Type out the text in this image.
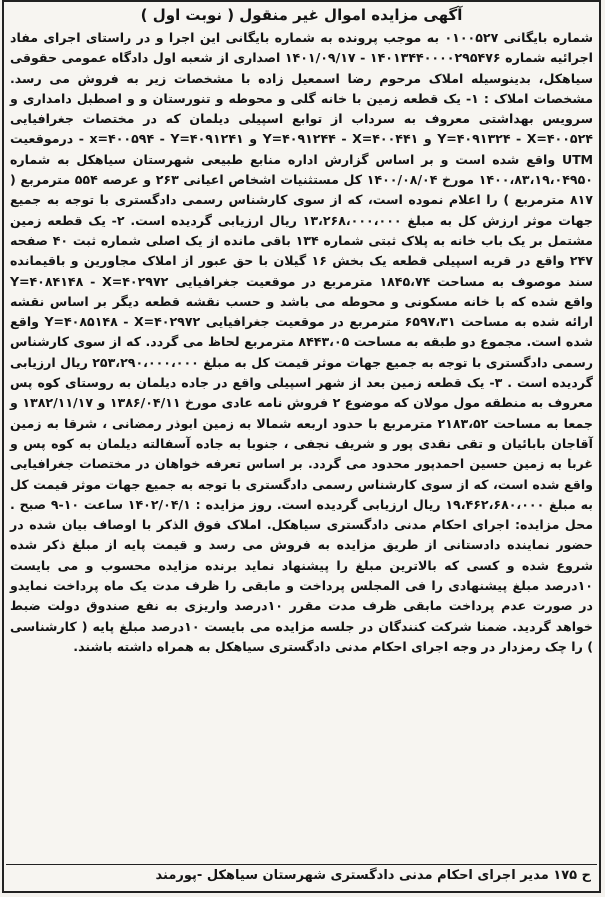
آگهی مزایده اموال غیر منقول ( نوبت اول )

شماره بایگانی ۰۱۰۰۵۲۷ به موجب پرونده به شماره بایگانی این اجرا و در راستای اجرای مفاد اجرائیه شماره ۱۴۰۱۳۴۴۰۰۰۰۲۹۵۴۷۶ - ۱۴۰۱/۰۹/۱۷ اصداری از شعبه اول دادگاه عمومی حقوقی سیاهکل، بدینوسیله املاک مرحوم رضا اسمعیل زاده با مشخصات زیر به فروش می رسد. مشخصات املاک : ۱- یک قطعه زمین با خانه گلی و محوطه و تنورستان و و اصطبل دامداری و سرویس بهداشتی معروف به سرداب از توابع اسپیلی دیلمان که در مختصات جغرافیایی Y=۴۰۹۱۳۲۴ - X=۴۰۰۵۲۴ و Y=۴۰۹۱۲۴۴ - X=۴۰۰۴۴۱ و x=۴۰۰۵۹۴ - Y=۴۰۹۱۲۴۱ - درموقعیت UTM واقع شده است و بر اساس گزارش اداره منابع طبیعی شهرستان سیاهکل به شماره ۱۴۰۰،۸۳،۱۹،۰۴۹۵۰ مورخ ۱۴۰۰/۰۸/۰۴ کل مستثنیات اشخاص اعیانی ۲۶۳ و عرصه ۵۵۴ مترمربع ( ۸۱۷ مترمربع ) را اعلام نموده است، که از سوی کارشناس رسمی دادگستری با توجه به جمیع جهات موثر ارزش کل به مبلغ ۱۳،۲۶۸،۰۰۰،۰۰۰ ریال ارزیابی گردیده است. ۲- یک قطعه زمین مشتمل بر یک باب خانه به پلاک ثبتی شماره ۱۳۴ باقی مانده از یک اصلی شماره ثبت ۴۰ صفحه ۲۴۷ واقع در قریه اسپیلی قطعه یک بخش ۱۶ گیلان با حق عبور از املاک مجاورین و باقیمانده سند موصوف به مساحت ۱۸۴۵،۷۴ مترمربع در موقعیت جغرافیایی Y=۴۰۸۴۱۴۸ - X=۴۰۲۹۷۲ واقع شده که با خانه مسکونی و محوطه می باشد و حسب نقشه قطعه دیگر بر اساس نقشه ارائه شده به مساحت ۶۵۹۷،۳۱ مترمربع در موقعیت جغرافیایی Y=۴۰۸۵۱۴۸ - X=۴۰۲۹۷۲ واقع شده است. مجموع دو طبقه به مساحت ۸۴۴۳،۰۵ مترمربع لحاظ می گردد. که از سوی کارشناس رسمی دادگستری با توجه به جمیع جهات موثر قیمت کل به مبلغ ۲۵۳،۲۹۰،۰۰۰،۰۰۰ ریال ارزیابی گردیده است . ۳- یک قطعه زمین بعد از شهر اسپیلی واقع در جاده دیلمان به روستای کوه پس معروف به منطقه مول مولان که موضوع ۲ فروش نامه عادی مورخ ۱۳۸۶/۰۴/۱۱ و ۱۳۸۲/۱۱/۱۷ و جمعا به مساحت ۲۱۸۳،۵۲ مترمربع با حدود اربعه شمالا به زمین ابوذر رمضانی ، شرقا به زمین آقاجان بابائیان و تقی نقدی پور و شریف نجفی ، جنوبا به جاده آسفالته دیلمان به کوه پس و غربا به زمین حسین احمدپور محدود می گردد. بر اساس تعرفه خواهان در مختصات جغرافیایی واقع شده است، که از سوی کارشناس رسمی دادگستری با توجه به جمیع جهات موثر قیمت کل به مبلغ ۱۹،۴۶۲،۶۸۰،۰۰۰ ریال ارزیابی گردیده است. روز مزایده : ۱۴۰۲/۰۴/۱ ساعت ۱۰-۹ صبح . محل مزایده: اجرای احکام مدنی دادگستری سیاهکل. املاک فوق الذکر با اوصاف بیان شده در حضور نماینده دادستانی از طریق مزایده به فروش می رسد و قیمت پایه از مبلغ ذکر شده شروع شده و کسی که بالاترین مبلغ را پیشنهاد نماید برنده مزایده محسوب و می بایست ۱۰درصد مبلغ پیشنهادی را فی المجلس پرداخت و مابقی را ظرف مدت یک ماه پرداخت نمایدو در صورت عدم پرداخت مابقی ظرف مدت مقرر ۱۰درصد واریزی به نفع صندوق دولت ضبط خواهد گردید. ضمنا شرکت کنندگان در جلسه مزایده می بایست ۱۰درصد مبلغ پایه ( کارشناسی ) را چک رمزدار در وجه اجرای احکام مدنی دادگستری سیاهکل به همراه داشته باشند.

ح ۱۷۵ مدیر اجرای احکام مدنی دادگستری شهرستان سیاهکل -پورمند
